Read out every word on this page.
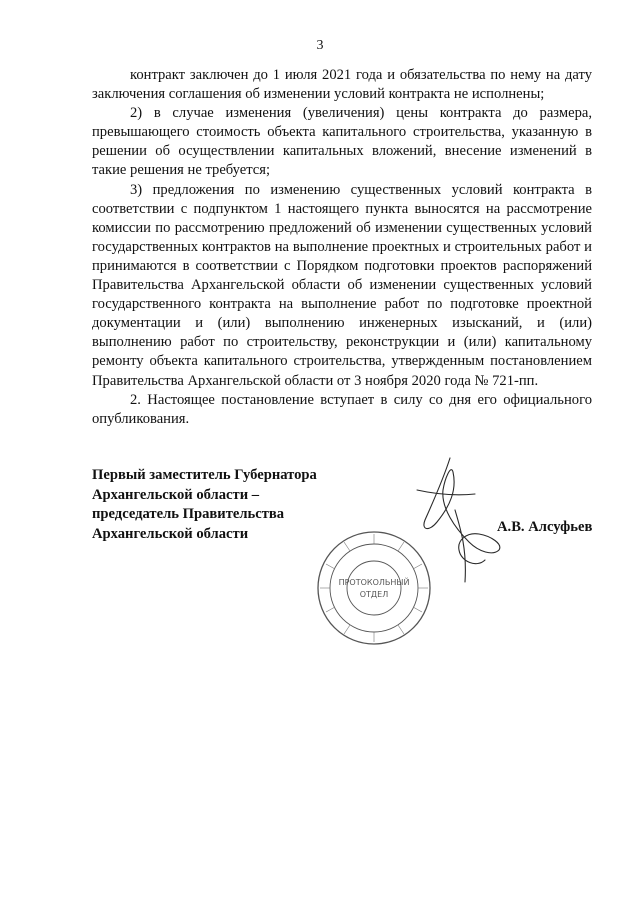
3

контракт заключен до 1 июля 2021 года и обязательства по нему на дату заключения соглашения об изменении условий контракта не исполнены;

2) в случае изменения (увеличения) цены контракта до размера, превышающего стоимость объекта капитального строительства, указанную в решении об осуществлении капитальных вложений, внесение изменений в такие решения не требуется;

3) предложения по изменению существенных условий контракта в соответствии с подпунктом 1 настоящего пункта выносятся на рассмотрение комиссии по рассмотрению предложений об изменении существенных условий государственных контрактов на выполнение проектных и строительных работ и принимаются в соответствии с Порядком подготовки проектов распоряжений Правительства Архангельской области об изменении существенных условий государственного контракта на выполнение работ по подготовке проектной документации и (или) выполнению инженерных изысканий, и (или) выполнению работ по строительству, реконструкции и (или) капитальному ремонту объекта капитального строительства, утвержденным постановлением Правительства Архангельской области от 3 ноября 2020 года № 721-пп.

2. Настоящее постановление вступает в силу со дня его официального опубликования.

Первый заместитель Губернатора
Архангельской области –
председатель Правительства
Архангельской области	А.В. Алсуфьев
ПРОТОКОЛЬНЫЙ
ОТДЕЛ
